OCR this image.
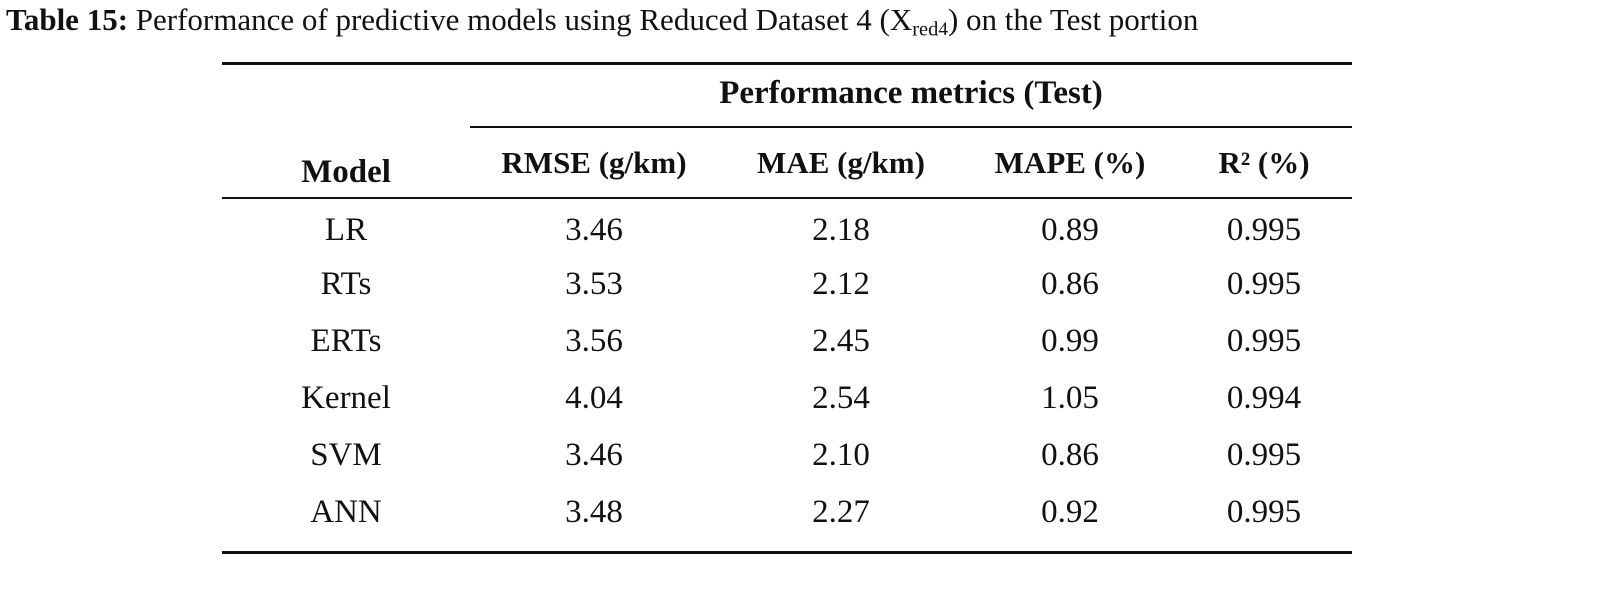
Table 15: Performance of predictive models using Reduced Dataset 4 $(X_{red}4)$ on the Test portion

Model	Performance metrics (Test)			

	RMSE (g/km)	MAE (g/km)	MAPE (%)	R² (%)

LR	3.46	2.18	0.89	0.995
RTs	3.53	2.12	0.86	0.995
ERTs	3.56	2.45	0.99	0.995
Kernel	4.04	2.54	1.05	0.994
SVM	3.46	2.10	0.86	0.995
ANN	3.48	2.27	0.92	0.995
